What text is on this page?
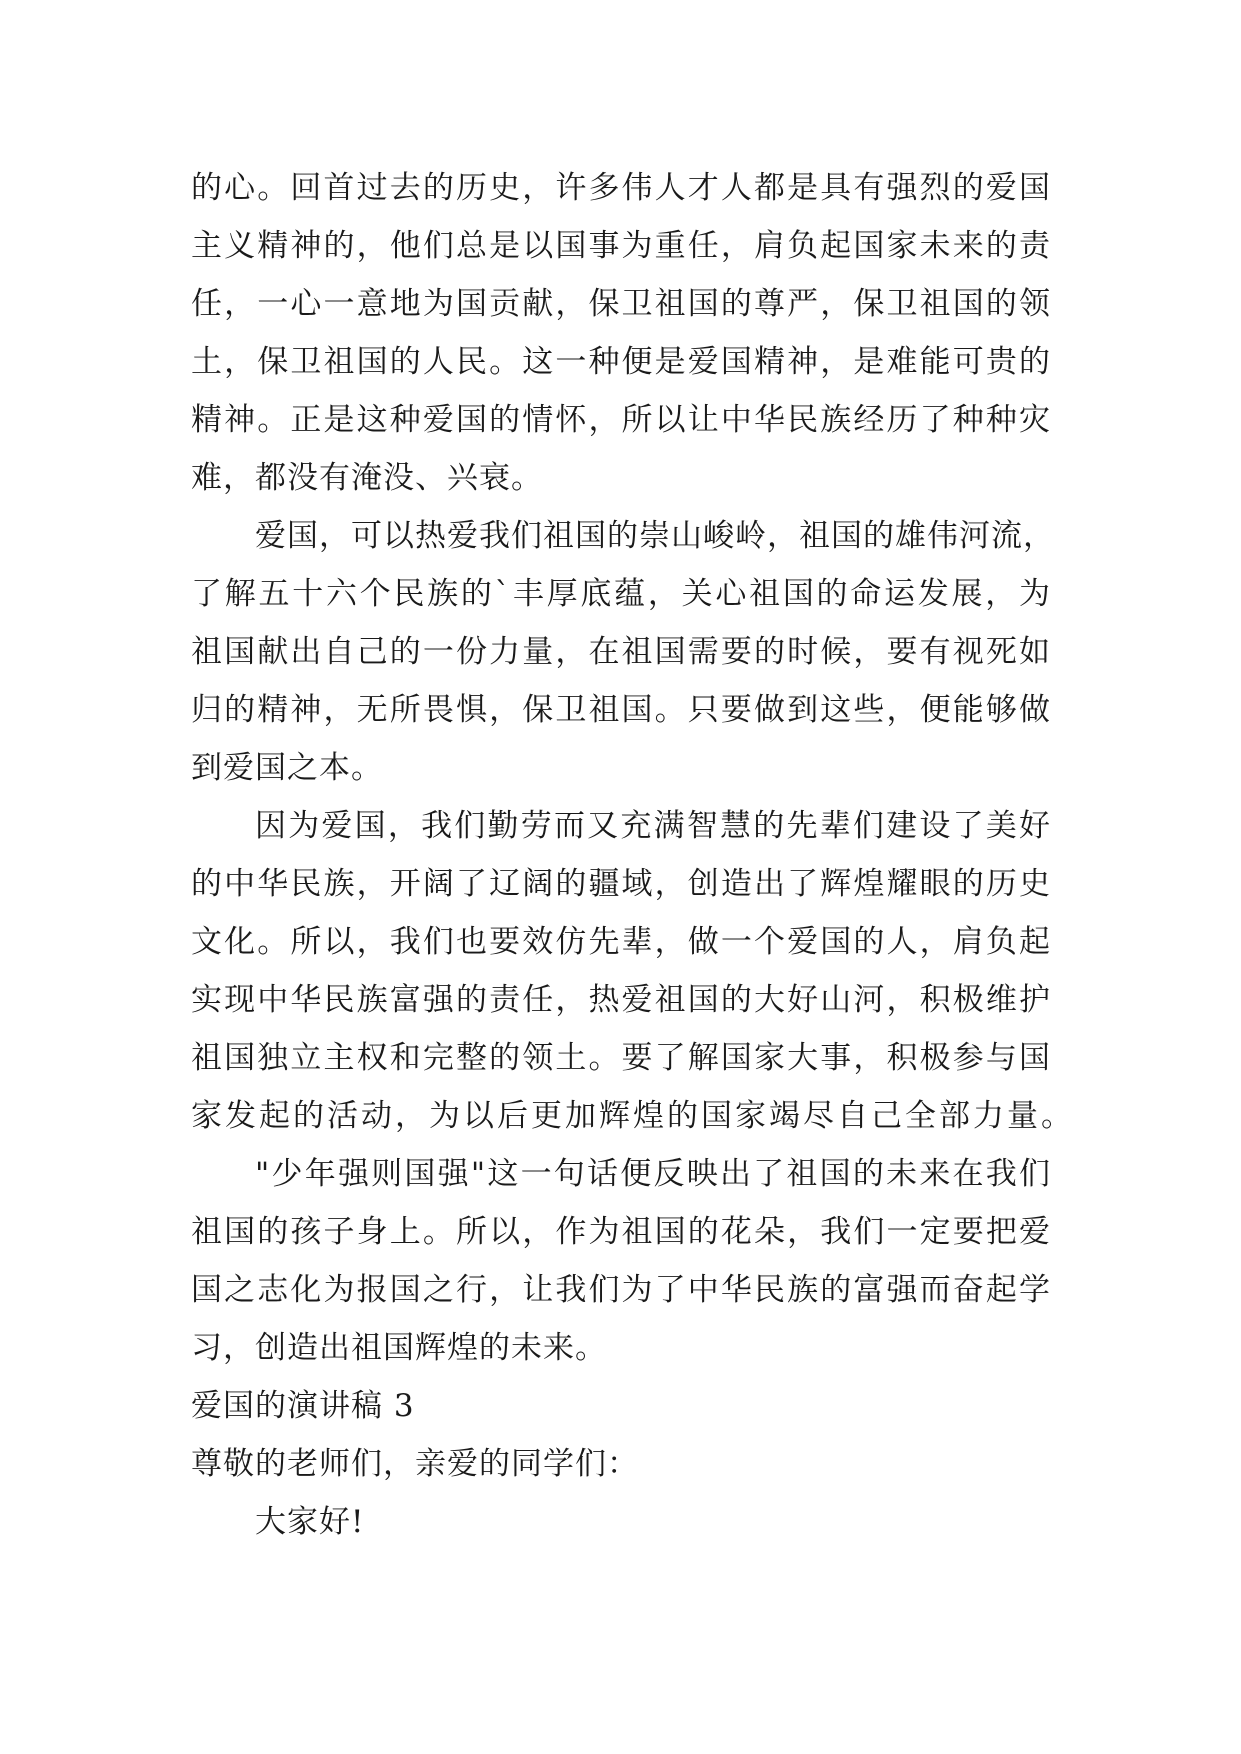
的心。回首过去的历史，许多伟人才人都是具有强烈的爱国
主义精神的，他们总是以国事为重任，肩负起国家未来的责
任，一心一意地为国贡献，保卫祖国的尊严，保卫祖国的领
土，保卫祖国的人民。这一种便是爱国精神，是难能可贵的
精神。正是这种爱国的情怀，所以让中华民族经历了种种灾
难，都没有淹没、兴衰。
爱国，可以热爱我们祖国的崇山峻岭，祖国的雄伟河流，
了解五十六个民族的`丰厚底蕴，关心祖国的命运发展，为
祖国献出自己的一份力量，在祖国需要的时候，要有视死如
归的精神，无所畏惧，保卫祖国。只要做到这些，便能够做
到爱国之本。
因为爱国，我们勤劳而又充满智慧的先辈们建设了美好
的中华民族，开阔了辽阔的疆域，创造出了辉煌耀眼的历史
文化。所以，我们也要效仿先辈，做一个爱国的人，肩负起
实现中华民族富强的责任，热爱祖国的大好山河，积极维护
祖国独立主权和完整的领土。要了解国家大事，积极参与国
家发起的活动，为以后更加辉煌的国家竭尽自己全部力量。
"少年强则国强"这一句话便反映出了祖国的未来在我们
祖国的孩子身上。所以，作为祖国的花朵，我们一定要把爱
国之志化为报国之行，让我们为了中华民族的富强而奋起学
习，创造出祖国辉煌的未来。
爱国的演讲稿 3
尊敬的老师们，亲爱的同学们：
大家好!
